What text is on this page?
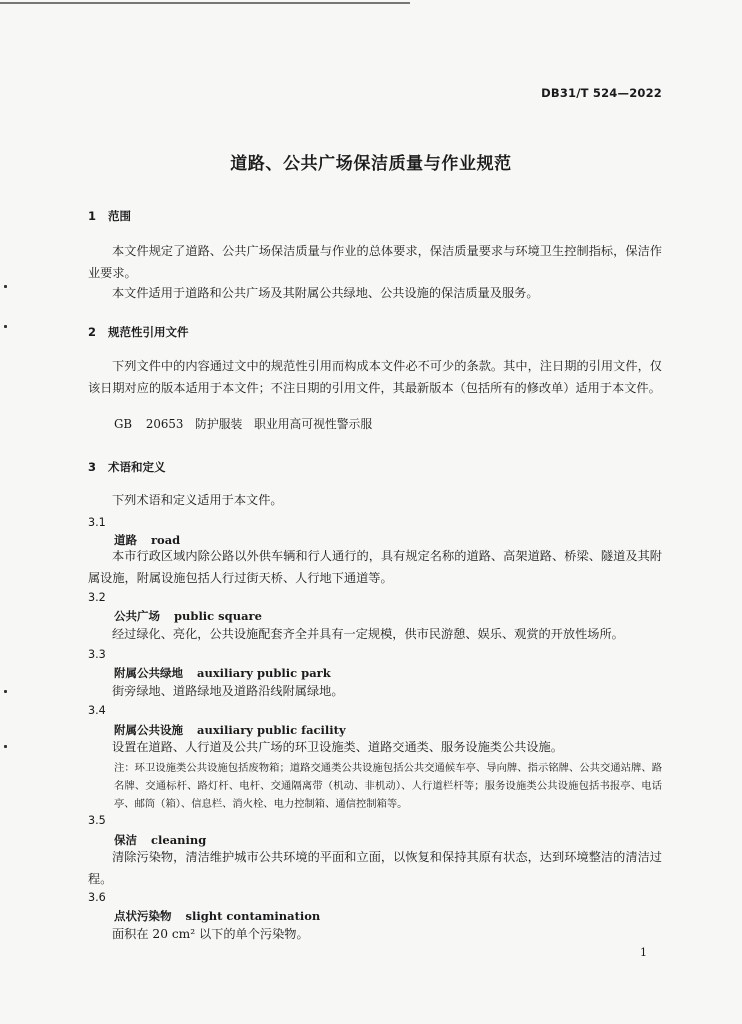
DB31/T 524—2022
道路、公共广场保洁质量与作业规范
1 范围
本文件规定了道路、公共广场保洁质量与作业的总体要求，保洁质量要求与环境卫生控制指标，保洁作业要求。
本文件适用于道路和公共广场及其附属公共绿地、公共设施的保洁质量及服务。
2 规范性引用文件
下列文件中的内容通过文中的规范性引用而构成本文件必不可少的条款。其中，注日期的引用文件，仅该日期对应的版本适用于本文件；不注日期的引用文件，其最新版本（包括所有的修改单）适用于本文件。
GB 20653　防护服装　职业用高可视性警示服
3 术语和定义
下列术语和定义适用于本文件。
3.1
道路 road
本市行政区域内除公路以外供车辆和行人通行的，具有规定名称的道路、高架道路、桥梁、隧道及其附属设施，附属设施包括人行过街天桥、人行地下通道等。
3.2
公共广场 public square
经过绿化、亮化，公共设施配套齐全并具有一定规模，供市民游憩、娱乐、观赏的开放性场所。
3.3
附属公共绿地 auxiliary public park
街旁绿地、道路绿地及道路沿线附属绿地。
3.4
附属公共设施 auxiliary public facility
设置在道路、人行道及公共广场的环卫设施类、道路交通类、服务设施类公共设施。
注：环卫设施类公共设施包括废物箱；道路交通类公共设施包括公共交通候车亭、导向牌、指示铭牌、公共交通站牌、路名牌、交通标杆、路灯杆、电杆、交通隔离带（机动、非机动）、人行道栏杆等；服务设施类公共设施包括书报亭、电话亭、邮筒（箱）、信息栏、消火栓、电力控制箱、通信控制箱等。
3.5
保洁 cleaning
清除污染物，清洁维护城市公共环境的平面和立面，以恢复和保持其原有状态，达到环境整洁的清洁过程。
3.6
点状污染物 slight contamination
面积在 20 cm² 以下的单个污染物。
1
